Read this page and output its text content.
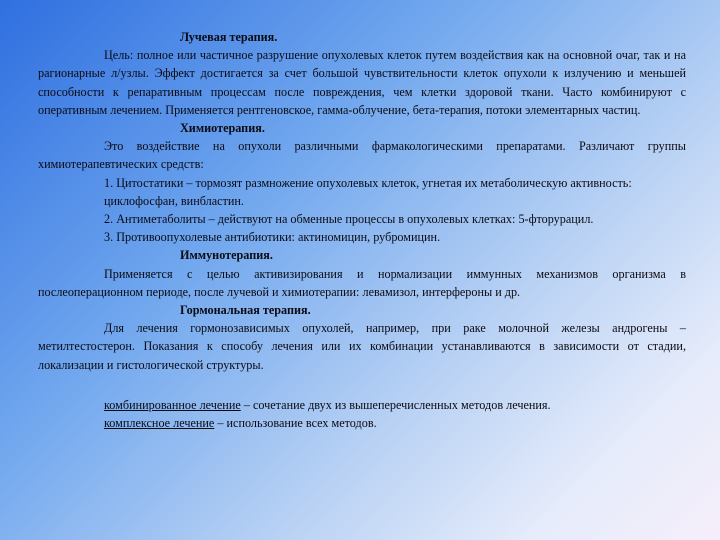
Лучевая терапия.
Цель: полное или частичное разрушение опухолевых клеток путем воздействия как на основной очаг, так и на рагионарные л/узлы. Эффект достигается за счет большой чувствительности клеток опухоли к излучению и меньшей способности к репаративным процессам после повреждения, чем клетки здоровой ткани. Часто комбинируют с оперативным лечением. Применяется рентгеновское, гамма-облучение, бета-терапия, потоки элементарных частиц.
Химиотерапия.
Это воздействие на опухоли различными фармакологическими препаратами. Различают группы химиотерапевтических средств:
1. Цитостатики – тормозят размножение опухолевых клеток, угнетая их метаболическую активность: циклофосфан, винбластин.
2. Антиметаболиты – действуют на обменные процессы в опухолевых клетках: 5-фторурацил.
3. Противоопухолевые антибиотики: актиномицин, рубромицин.
Иммунотерапия.
Применяется с целью активизирования и нормализации иммунных механизмов организма в послеоперационном периоде, после лучевой и химиотерапии: левамизол, интерфероны и др.
Гормональная терапия.
Для лечения гормонозависимых опухолей, например, при раке молочной железы андрогены – метилтестостерон. Показания к способу лечения или их комбинации устанавливаются в зависимости от стадии, локализации и гистологической структуры.
комбинированное лечение – сочетание двух из вышеперечисленных методов лечения.
комплексное лечение – использование всех методов.
